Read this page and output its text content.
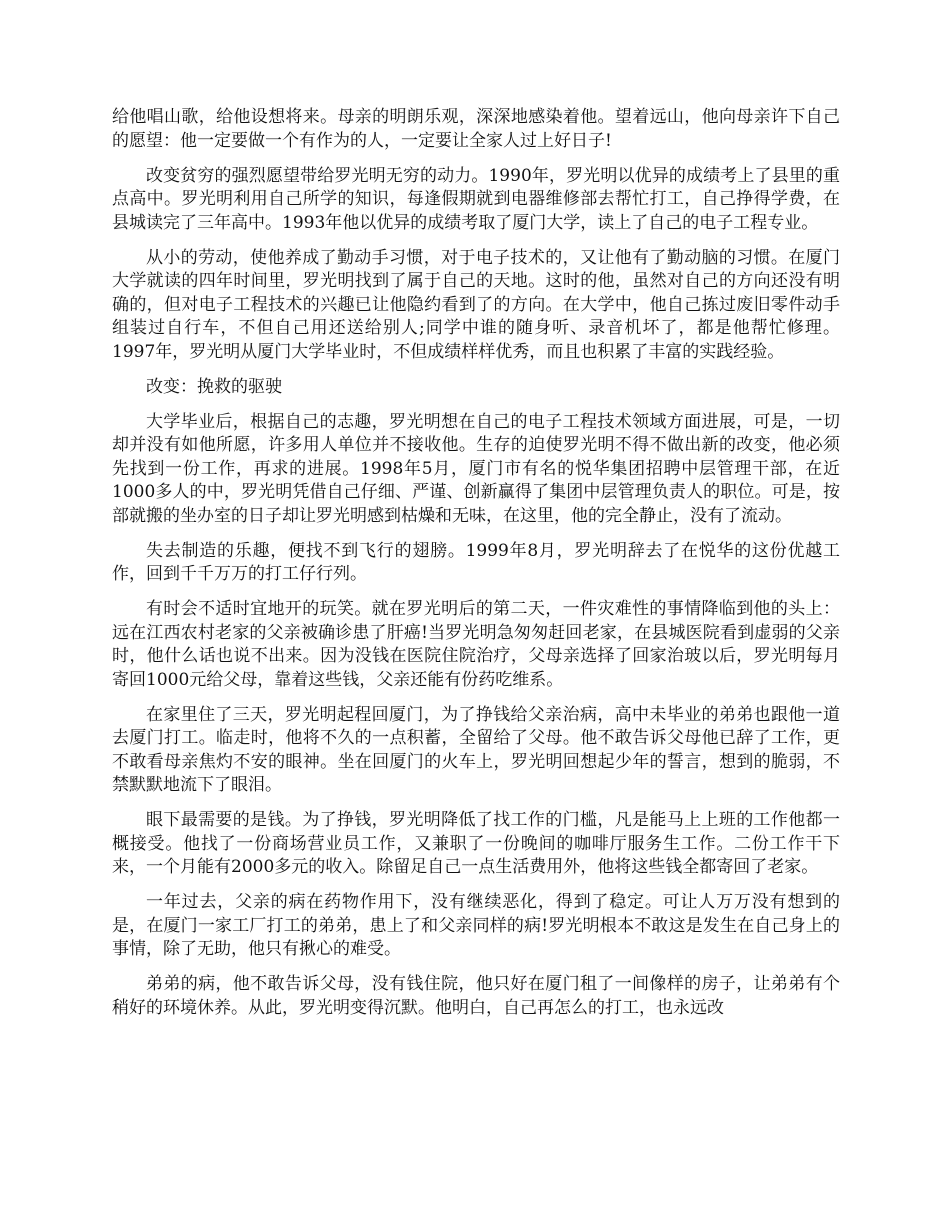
给他唱山歌，给他设想将来。母亲的明朗乐观，深深地感染着他。望着远山，他向母亲许下自己的愿望：他一定要做一个有作为的人，一定要让全家人过上好日子!

改变贫穷的强烈愿望带给罗光明无穷的动力。1990年，罗光明以优异的成绩考上了县里的重点高中。罗光明利用自己所学的知识，每逢假期就到电器维修部去帮忙打工，自己挣得学费，在县城读完了三年高中。1993年他以优异的成绩考取了厦门大学，读上了自己的电子工程专业。

从小的劳动，使他养成了勤动手习惯，对于电子技术的，又让他有了勤动脑的习惯。在厦门大学就读的四年时间里，罗光明找到了属于自己的天地。这时的他，虽然对自己的方向还没有明确的，但对电子工程技术的兴趣已让他隐约看到了的方向。在大学中，他自己拣过废旧零件动手组装过自行车，不但自己用还送给别人;同学中谁的随身听、录音机坏了，都是他帮忙修理。1997年，罗光明从厦门大学毕业时，不但成绩样样优秀，而且也积累了丰富的实践经验。

改变：挽救的驱驶

大学毕业后，根据自己的志趣，罗光明想在自己的电子工程技术领域方面进展，可是，一切却并没有如他所愿，许多用人单位并不接收他。生存的迫使罗光明不得不做出新的改变，他必须先找到一份工作，再求的进展。1998年5月，厦门市有名的悦华集团招聘中层管理干部，在近1000多人的中，罗光明凭借自己仔细、严谨、创新赢得了集团中层管理负责人的职位。可是，按部就搬的坐办室的日子却让罗光明感到枯燥和无味，在这里，他的完全静止，没有了流动。

失去制造的乐趣，便找不到飞行的翅膀。1999年8月，罗光明辞去了在悦华的这份优越工作，回到千千万万的打工仔行列。

有时会不适时宜地开的玩笑。就在罗光明后的第二天，一件灾难性的事情降临到他的头上：远在江西农村老家的父亲被确诊患了肝癌!当罗光明急匆匆赶回老家，在县城医院看到虚弱的父亲时，他什么话也说不出来。因为没钱在医院住院治疗，父母亲选择了回家治玻以后，罗光明每月寄回1000元给父母，靠着这些钱，父亲还能有份药吃维系。

在家里住了三天，罗光明起程回厦门，为了挣钱给父亲治病，高中未毕业的弟弟也跟他一道去厦门打工。临走时，他将不久的一点积蓄，全留给了父母。他不敢告诉父母他已辞了工作，更不敢看母亲焦灼不安的眼神。坐在回厦门的火车上，罗光明回想起少年的誓言，想到的脆弱，不禁默默地流下了眼泪。

眼下最需要的是钱。为了挣钱，罗光明降低了找工作的门槛，凡是能马上上班的工作他都一概接受。他找了一份商场营业员工作，又兼职了一份晚间的咖啡厅服务生工作。二份工作干下来，一个月能有2000多元的收入。除留足自己一点生活费用外，他将这些钱全都寄回了老家。

一年过去，父亲的病在药物作用下，没有继续恶化，得到了稳定。可让人万万没有想到的是，在厦门一家工厂打工的弟弟，患上了和父亲同样的病!罗光明根本不敢这是发生在自己身上的事情，除了无助，他只有揪心的难受。

弟弟的病，他不敢告诉父母，没有钱住院，他只好在厦门租了一间像样的房子，让弟弟有个稍好的环境休养。从此，罗光明变得沉默。他明白，自己再怎么的打工，也永远改
